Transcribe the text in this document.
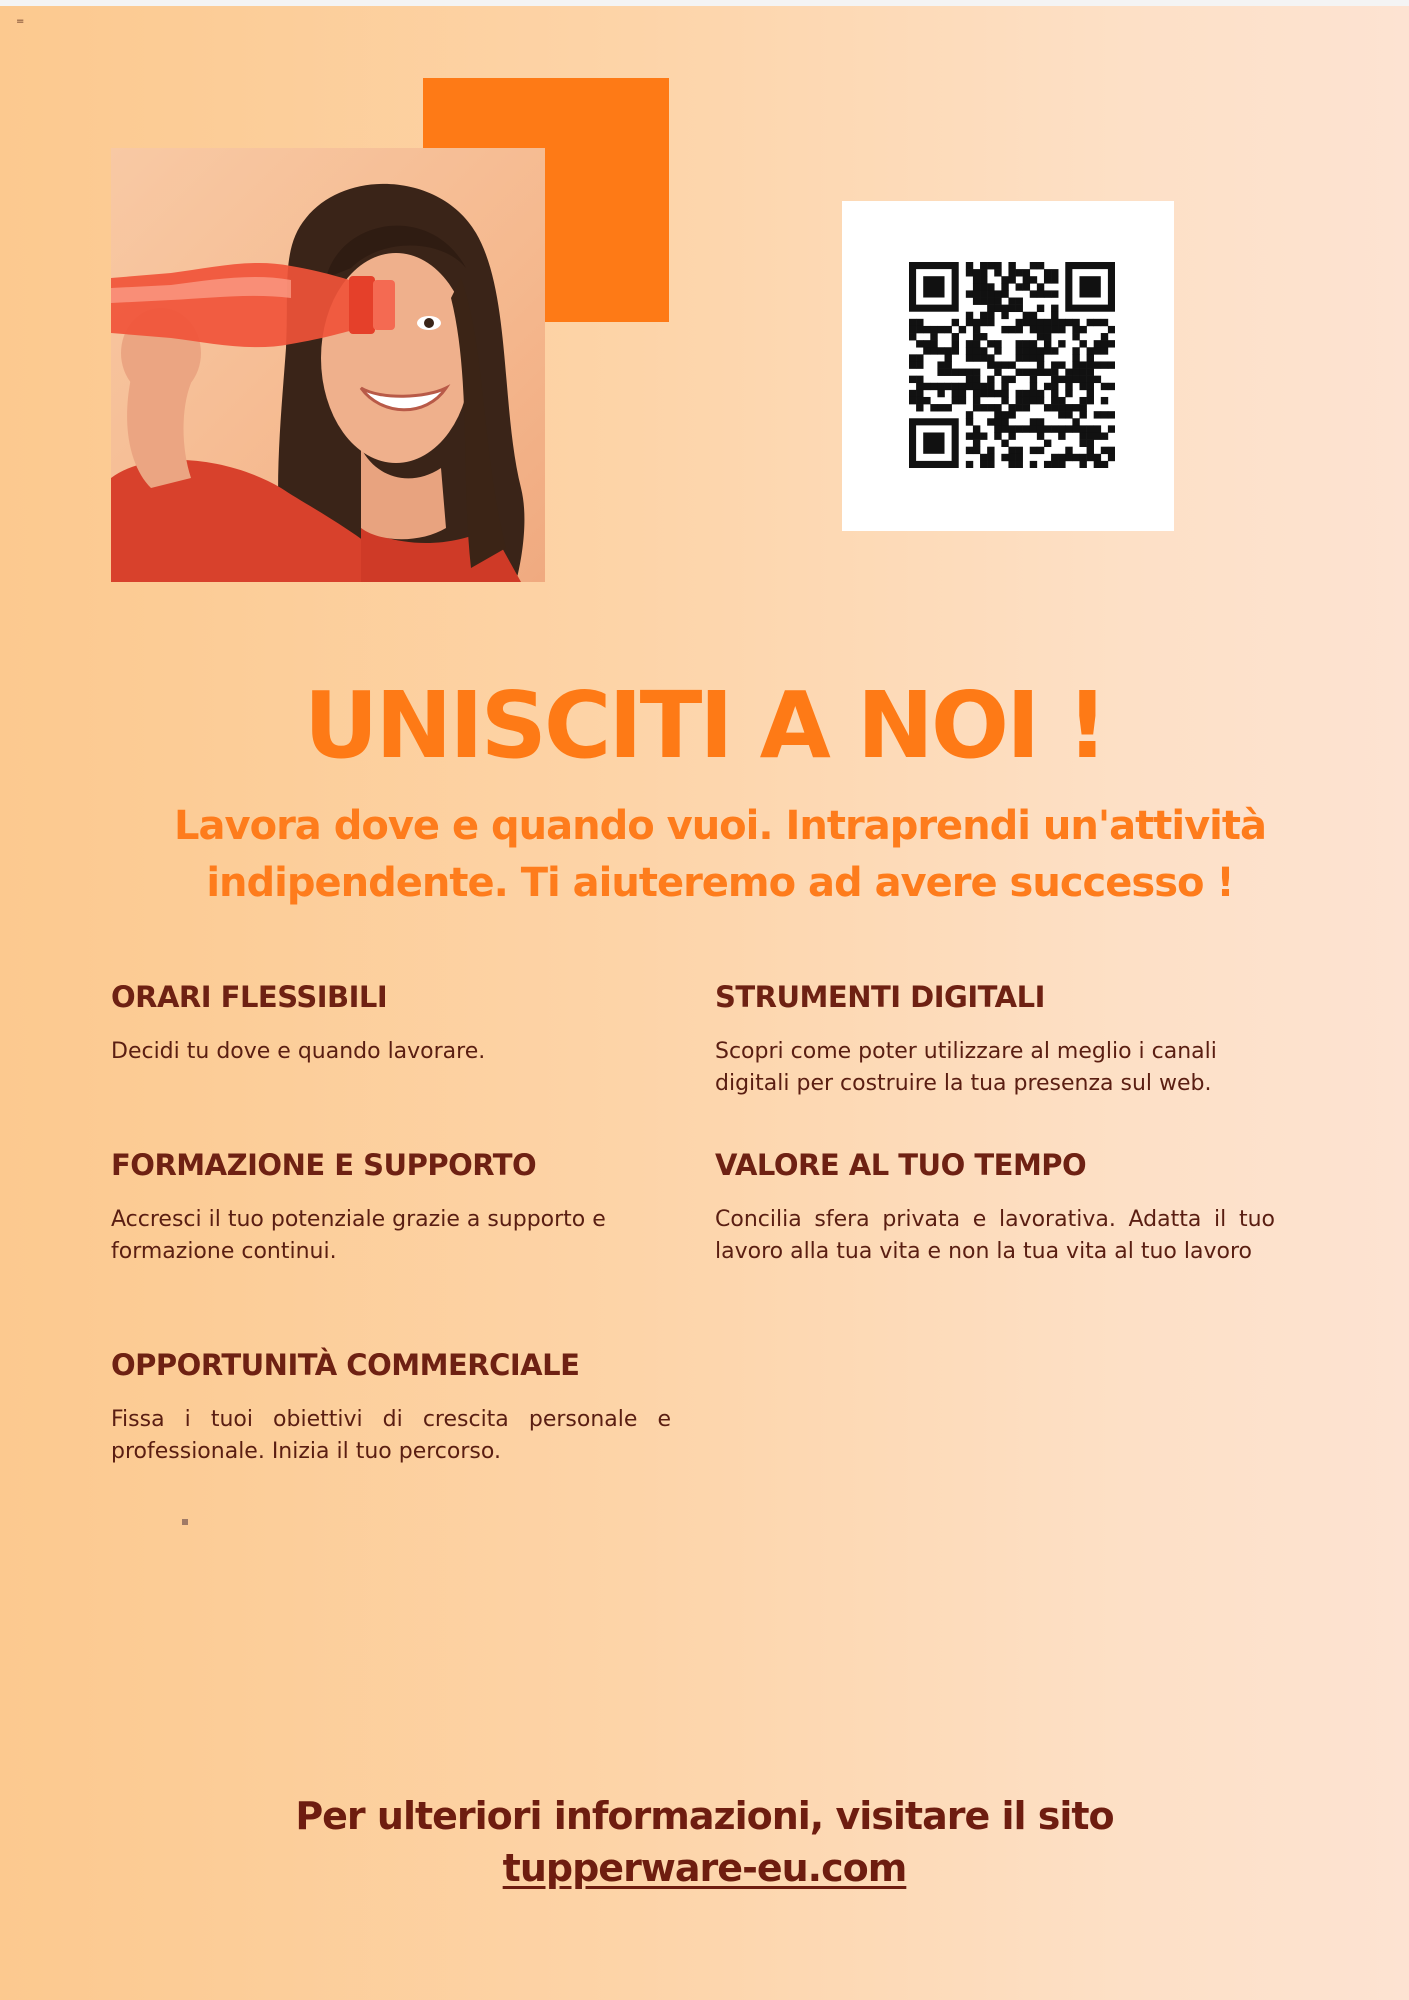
=
UNISCITI A NOI !
Lavora dove e quando vuoi. Intraprendi un'attività
indipendente. Ti aiuteremo ad avere successo !
ORARI FLESSIBILI

Decidi tu dove e quando lavorare.

STRUMENTI DIGITALI

Scopri come poter utilizzare al meglio i canali digitali per costruire la tua presenza sul web.

FORMAZIONE E SUPPORTO

Accresci il tuo potenziale grazie a supporto e formazione continui.

VALORE AL TUO TEMPO

Concilia sfera privata e lavorativa. Adatta il tuo lavoro alla tua vita e non la tua vita al tuo lavoro

OPPORTUNITÀ COMMERCIALE

Fissa i tuoi obiettivi di crescita personale e professionale. Inizia il tuo percorso.

Per ulteriori informazioni, visitare il sito
tupperware-eu.com
